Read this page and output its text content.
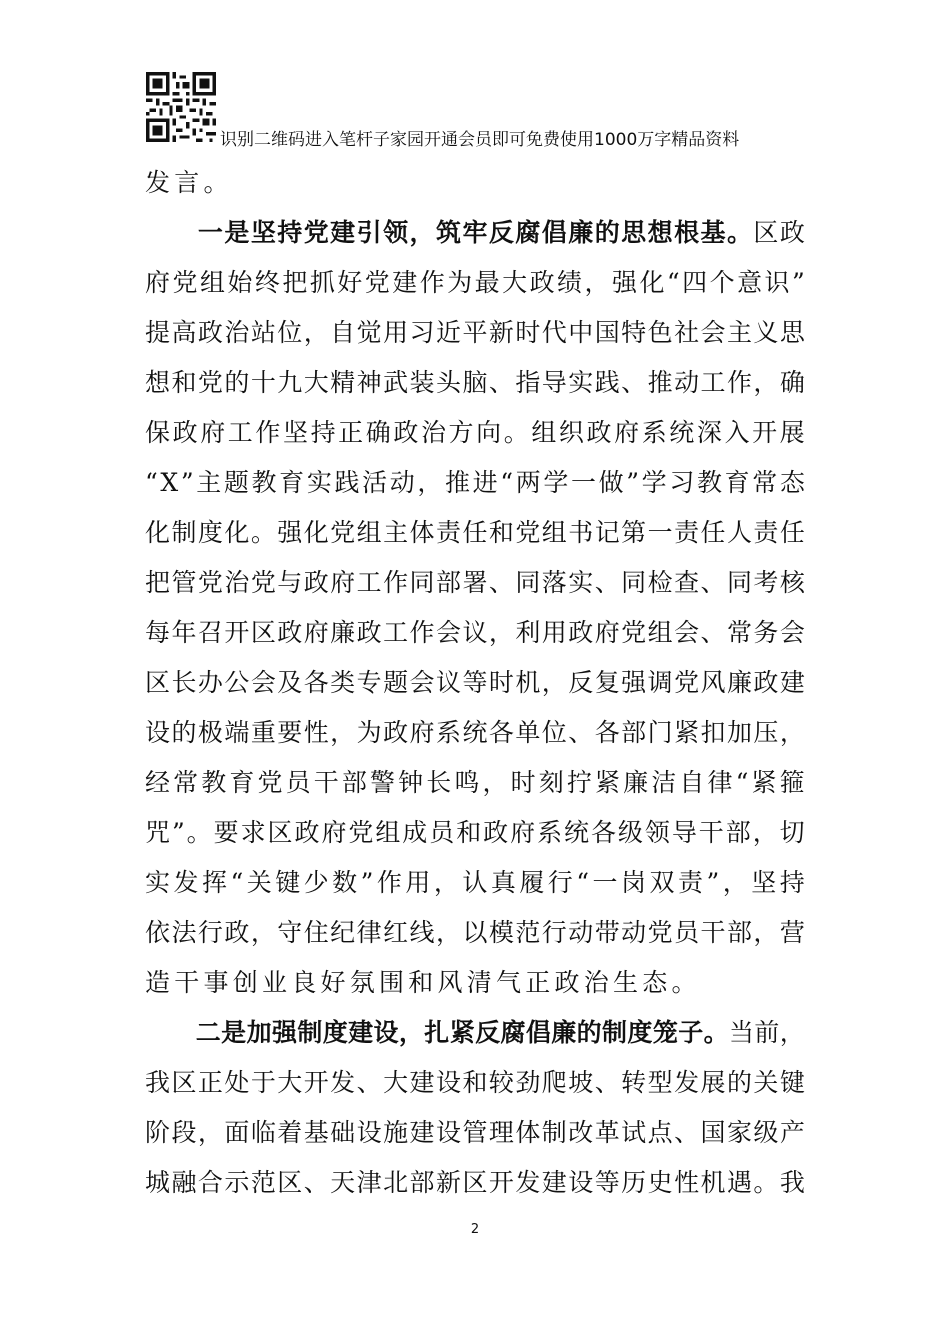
识别二维码进入笔杆子家园开通会员即可免费使用1000万字精品资料
发言。

一 是 坚 持 党 建 引 领 ， 筑 牢 反 腐 倡 廉 的 思 想 根 基 。 区 政
府 党 组 始 终 把 抓 好 党 建 作 为 最 大 政 绩 ， 强 化 “ 四 个 意 识 ”
提 高 政 治 站 位 ， 自 觉 用 习 近 平 新 时 代 中 国 特 色 社 会 主 义 思
想 和 党 的 十 九 大 精 神 武 装 头 脑 、 指 导 实 践 、 推 动 工 作 ， 确
保 政 府 工 作 坚 持 正 确 政 治 方 向 。 组 织 政 府 系 统 深 入 开 展
“ X ” 主 题 教 育 实 践 活 动 ， 推 进 “ 两 学 一 做 ” 学 习 教 育 常 态
化 制 度 化 。 强 化 党 组 主 体 责 任 和 党 组 书 记 第 一 责 任 人 责 任
把 管 党 治 党 与 政 府 工 作 同 部 署 、 同 落 实 、 同 检 查 、 同 考 核
每 年 召 开 区 政 府 廉 政 工 作 会 议 ， 利 用 政 府 党 组 会 、 常 务 会
区 长 办 公 会 及 各 类 专 题 会 议 等 时 机 ， 反 复 强 调 党 风 廉 政 建
设 的 极 端 重 要 性 ， 为 政 府 系 统 各 单 位 、 各 部 门 紧 扣 加 压 ，
经 常 教 育 党 员 干 部 警 钟 长 鸣 ， 时 刻 拧 紧 廉 洁 自 律 “ 紧 箍
咒 ” 。 要 求 区 政 府 党 组 成 员 和 政 府 系 统 各 级 领 导 干 部 ， 切
实 发 挥 “ 关 键 少 数 ” 作 用 ， 认 真 履 行 “ 一 岗 双 责 ” ， 坚 持
依 法 行 政 ， 守 住 纪 律 红 线 ， 以 模 范 行 动 带 动 党 员 干 部 ， 营
造干事创业良好氛围和风清气正政治生态。

二 是 加 强 制 度 建 设 ， 扎 紧 反 腐 倡 廉 的 制 度 笼 子 。 当 前 ，
我 区 正 处 于 大 开 发 、 大 建 设 和 较 劲 爬 坡 、 转 型 发 展 的 关 键
阶 段 ， 面 临 着 基 础 设 施 建 设 管 理 体 制 改 革 试 点 、 国 家 级 产
城 融 合 示 范 区 、 天 津 北 部 新 区 开 发 建 设 等 历 史 性 机 遇 。 我
2
